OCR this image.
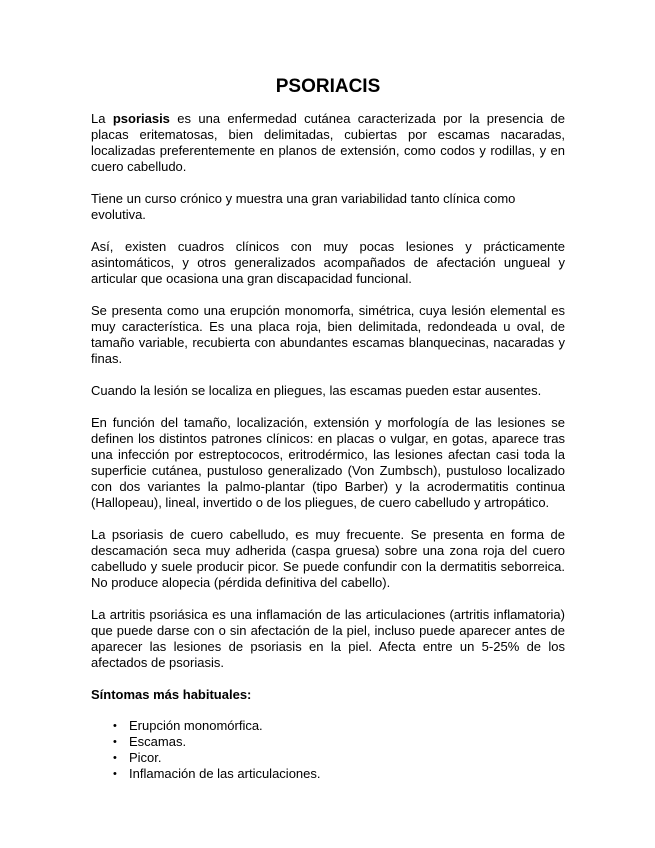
PSORIACIS

La psoriasis es una enfermedad cutánea caracterizada por la presencia de placas eritematosas, bien delimitadas, cubiertas por escamas nacaradas, localizadas preferentemente en planos de extensión, como codos y rodillas, y en cuero cabelludo.

Tiene un curso crónico y muestra una gran variabilidad tanto clínica como evolutiva.

Así, existen cuadros clínicos con muy pocas lesiones y prácticamente asintomáticos, y otros generalizados acompañados de afectación ungueal y articular que ocasiona una gran discapacidad funcional.

Se presenta como una erupción monomorfa, simétrica, cuya lesión elemental es muy característica. Es una placa roja, bien delimitada, redondeada u oval, de tamaño variable, recubierta con abundantes escamas blanquecinas, nacaradas y finas.

Cuando la lesión se localiza en pliegues, las escamas pueden estar ausentes.

En función del tamaño, localización, extensión y morfología de las lesiones se definen los distintos patrones clínicos: en placas o vulgar, en gotas, aparece tras una infección por estreptococos, eritrodérmico, las lesiones afectan casi toda la superficie cutánea, pustuloso generalizado (Von Zumbsch), pustuloso localizado con dos variantes la palmo-plantar (tipo Barber) y la acrodermatitis continua (Hallopeau), lineal, invertido o de los pliegues, de cuero cabelludo y artropático.

La psoriasis de cuero cabelludo, es muy frecuente. Se presenta en forma de descamación seca muy adherida (caspa gruesa) sobre una zona roja del cuero cabelludo y suele producir picor. Se puede confundir con la dermatitis seborreica. No produce alopecia (pérdida definitiva del cabello).

La artritis psoriásica es una inflamación de las articulaciones (artritis inflamatoria) que puede darse con o sin afectación de la piel, incluso puede aparecer antes de aparecer las lesiones de psoriasis en la piel. Afecta entre un 5-25% de los afectados de psoriasis.

Síntomas más habituales:
• Erupción monomórfica.
• Escamas.
• Picor.
• Inflamación de las articulaciones.
